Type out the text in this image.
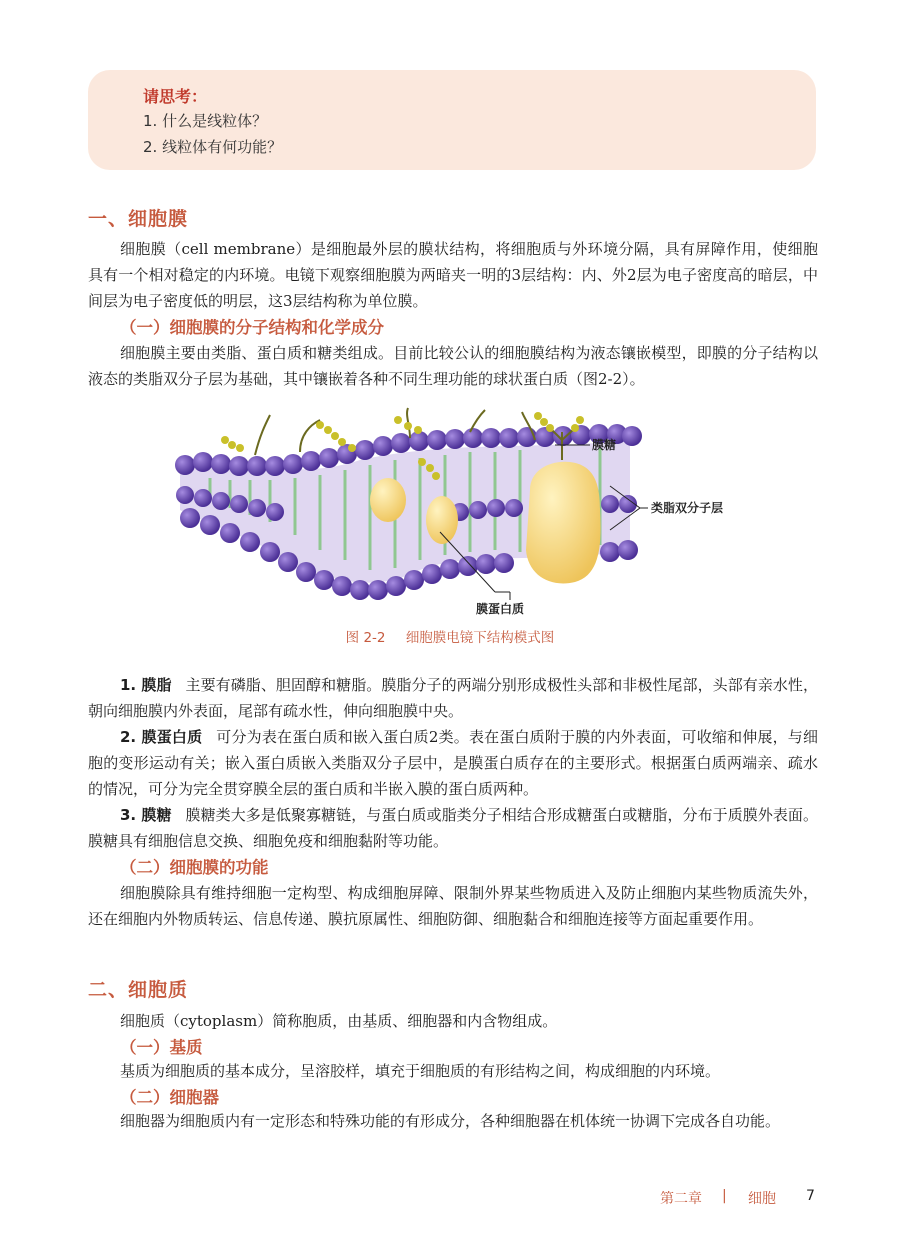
请思考：
1. 什么是线粒体？
2. 线粒体有何功能？
一、细胞膜

细胞膜（cell membrane）是细胞最外层的膜状结构，将细胞质与外环境分隔，具有屏障作用，使细胞具有一个相对稳定的内环境。电镜下观察细胞膜为两暗夹一明的3层结构：内、外2层为电子密度高的暗层，中间层为电子密度低的明层，这3层结构称为单位膜。

（一）细胞膜的分子结构和化学成分

细胞膜主要由类脂、蛋白质和糖类组成。目前比较公认的细胞膜结构为液态镶嵌模型，即膜的分子结构以液态的类脂双分子层为基础，其中镶嵌着各种不同生理功能的球状蛋白质（图2-2）。

膜糖
类脂双分子层
膜蛋白质
图 2-2 细胞膜电镜下结构模式图

1. 膜脂 主要有磷脂、胆固醇和糖脂。膜脂分子的两端分别形成极性头部和非极性尾部，头部有亲水性，朝向细胞膜内外表面，尾部有疏水性，伸向细胞膜中央。

2. 膜蛋白质 可分为表在蛋白质和嵌入蛋白质2类。表在蛋白质附于膜的内外表面，可收缩和伸展，与细胞的变形运动有关；嵌入蛋白质嵌入类脂双分子层中，是膜蛋白质存在的主要形式。根据蛋白质两端亲、疏水的情况，可分为完全贯穿膜全层的蛋白质和半嵌入膜的蛋白质两种。

3. 膜糖 膜糖类大多是低聚寡糖链，与蛋白质或脂类分子相结合形成糖蛋白或糖脂，分布于质膜外表面。膜糖具有细胞信息交换、细胞免疫和细胞黏附等功能。

（二）细胞膜的功能

细胞膜除具有维持细胞一定构型、构成细胞屏障、限制外界某些物质进入及防止细胞内某些物质流失外，还在细胞内外物质转运、信息传递、膜抗原属性、细胞防御、细胞黏合和细胞连接等方面起重要作用。

二、细胞质

细胞质（cytoplasm）简称胞质，由基质、细胞器和内含物组成。

（一）基质

基质为细胞质的基本成分，呈溶胶样，填充于细胞质的有形结构之间，构成细胞的内环境。

（二）细胞器

细胞器为细胞质内有一定形态和特殊功能的有形成分，各种细胞器在机体统一协调下完成各自功能。

第二章 | 细胞 7
